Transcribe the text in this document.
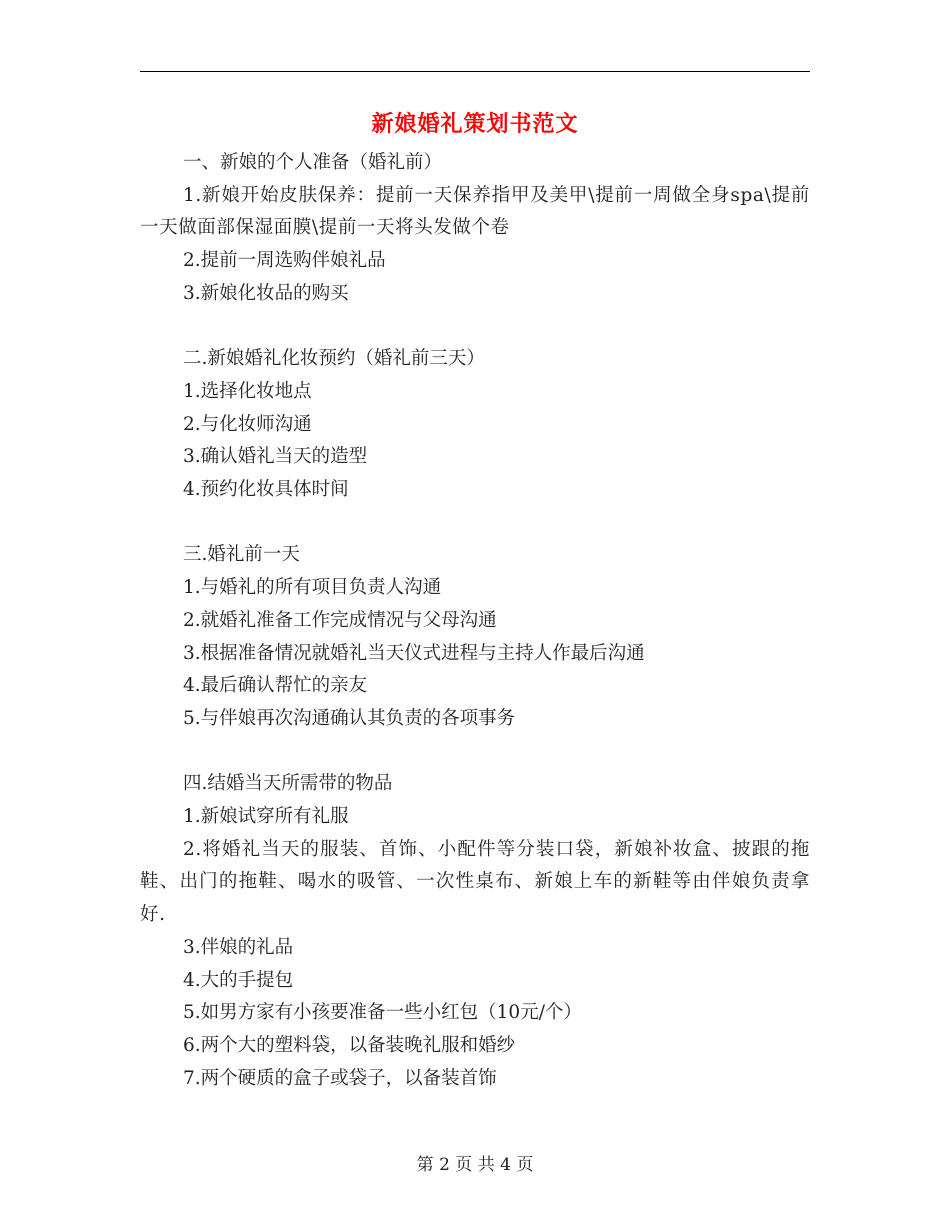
新娘婚礼策划书范文
一、新娘的个人准备（婚礼前）
1.新娘开始皮肤保养：提前一天保养指甲及美甲\提前一周做全身spa\提前一天做面部保湿面膜\提前一天将头发做个卷
2.提前一周选购伴娘礼品
3.新娘化妆品的购买
二.新娘婚礼化妆预约（婚礼前三天）
1.选择化妆地点
2.与化妆师沟通
3.确认婚礼当天的造型
4.预约化妆具体时间
三.婚礼前一天
1.与婚礼的所有项目负责人沟通
2.就婚礼准备工作完成情况与父母沟通
3.根据准备情况就婚礼当天仪式进程与主持人作最后沟通
4.最后确认帮忙的亲友
5.与伴娘再次沟通确认其负责的各项事务
四.结婚当天所需带的物品
1.新娘试穿所有礼服
2.将婚礼当天的服装、首饰、小配件等分装口袋，新娘补妆盒、披跟的拖鞋、出门的拖鞋、喝水的吸管、一次性桌布、新娘上车的新鞋等由伴娘负责拿好.
3.伴娘的礼品
4.大的手提包
5.如男方家有小孩要准备一些小红包（10元/个）
6.两个大的塑料袋，以备装晚礼服和婚纱
7.两个硬质的盒子或袋子，以备装首饰
第 2 页 共 4 页
